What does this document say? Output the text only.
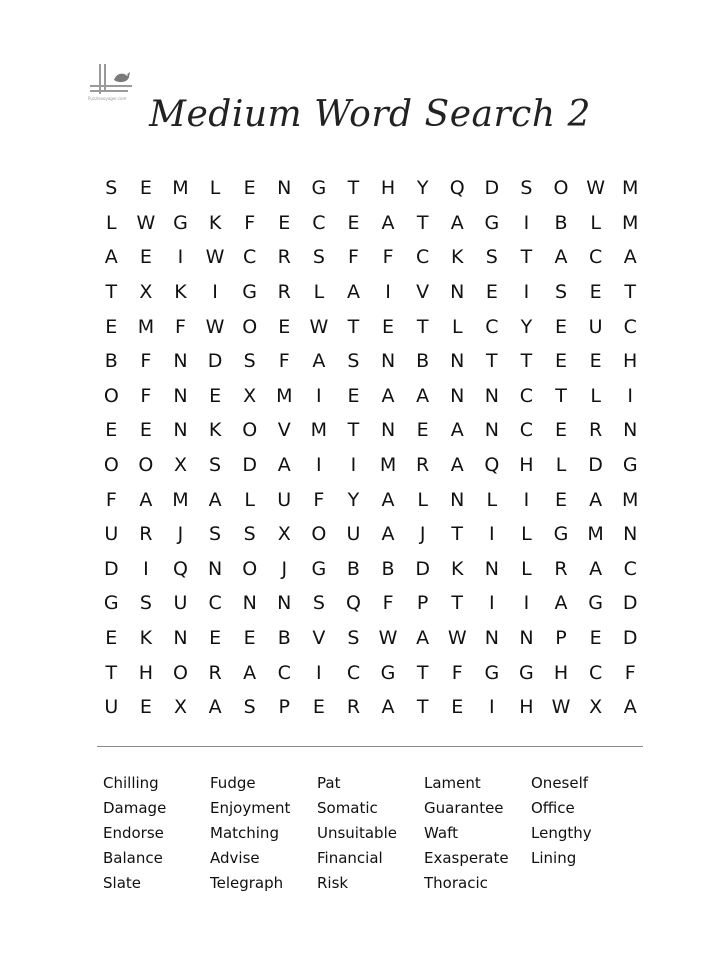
Puzzlevoyager.com Medium Word Search 2
S	E	M	L	E	N	G	T	H	Y	Q	D	S	O W M
L	W G	K	F	E	C	E	A	T	A	G	I	B	L	M
A	E	I	W C	R	S	F	F	C	K	S	T	A	C	A
T	X	K	I	G	R	L	A	I	V	N	E	I	S	E	T
E	M	F	W O	E	W	T	E	T	L	C	Y	E	U	C
B	F	N	D	S	F	A	S	N	B	N	T	T	E	E	H
O	F	N	E	X	M	I	E	A	A	N	N	C	T	L	I
E	E	N	K	O	V	M	T	N	E	A	N	C	E	R	N
O	O	X	S	D	A	I	I	M	R	A	Q	H	L	D	G
F	A	M	A	L	U	F	Y	A	L	N	L	I	E	A	M
U	R	J	S	S	X	O	U	A	J	T	I	L	G	M	N
D	I	Q	N	O	J	G	B	B	D	K	N	L	R	A	C
G	S	U	C	N	N	S	Q	F	P	T	I	I	A	G	D
E	K	N	E	E	B	V	S	W A W N	N	P	E	D
T	H	O	R	A	C	I	C	G	T	F	G	G	H	C	F
U	E	X	A	S	P	E	R	A	T	E	I	H W X	A
Chilling	Fudge	Pat	Lament	Oneself
Damage	Enjoyment	Somatic	Guarantee	Office
Endorse	Matching	Unsuitable	Waft	Lengthy
Balance	Advise	Financial	Exasperate	Lining
Slate	Telegraph	Risk	Thoracic
